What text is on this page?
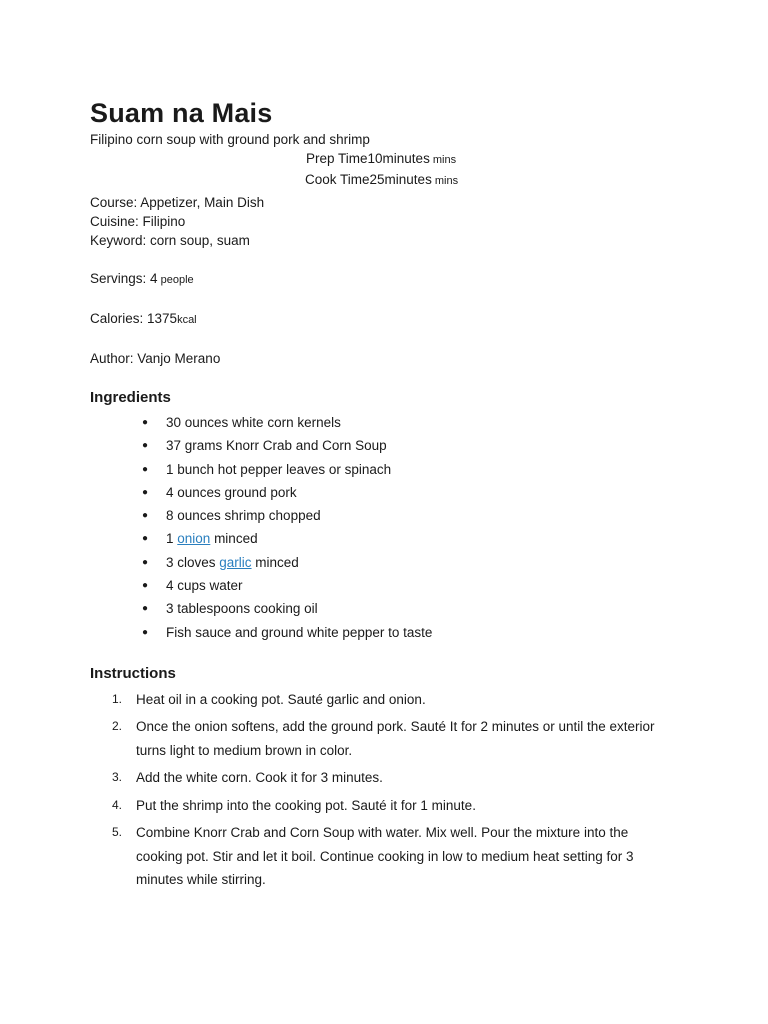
Suam na Mais

Filipino corn soup with ground pork and shrimp

Prep Time10minutes mins
Cook Time25minutes mins
Course: Appetizer, Main Dish
Cuisine: Filipino
Keyword: corn soup, suam
Servings: 4 people
Calories: 1375kcal
Author: Vanjo Merano
Ingredients
● 30 ounces white corn kernels
● 37 grams Knorr Crab and Corn Soup
● 1 bunch hot pepper leaves or spinach
● 4 ounces ground pork
● 8 ounces shrimp chopped
● 1 onion minced
● 3 cloves garlic minced
● 4 cups water
● 3 tablespoons cooking oil
● Fish sauce and ground white pepper to taste
Instructions
1. Heat oil in a cooking pot. Sauté garlic and onion.
2. Once the onion softens, add the ground pork. Sauté It for 2 minutes or until the exterior
turns light to medium brown in color.
3. Add the white corn. Cook it for 3 minutes.
4. Put the shrimp into the cooking pot. Sauté it for 1 minute.
5. Combine Knorr Crab and Corn Soup with water. Mix well. Pour the mixture into the
cooking pot. Stir and let it boil. Continue cooking in low to medium heat setting for 3
minutes while stirring.
